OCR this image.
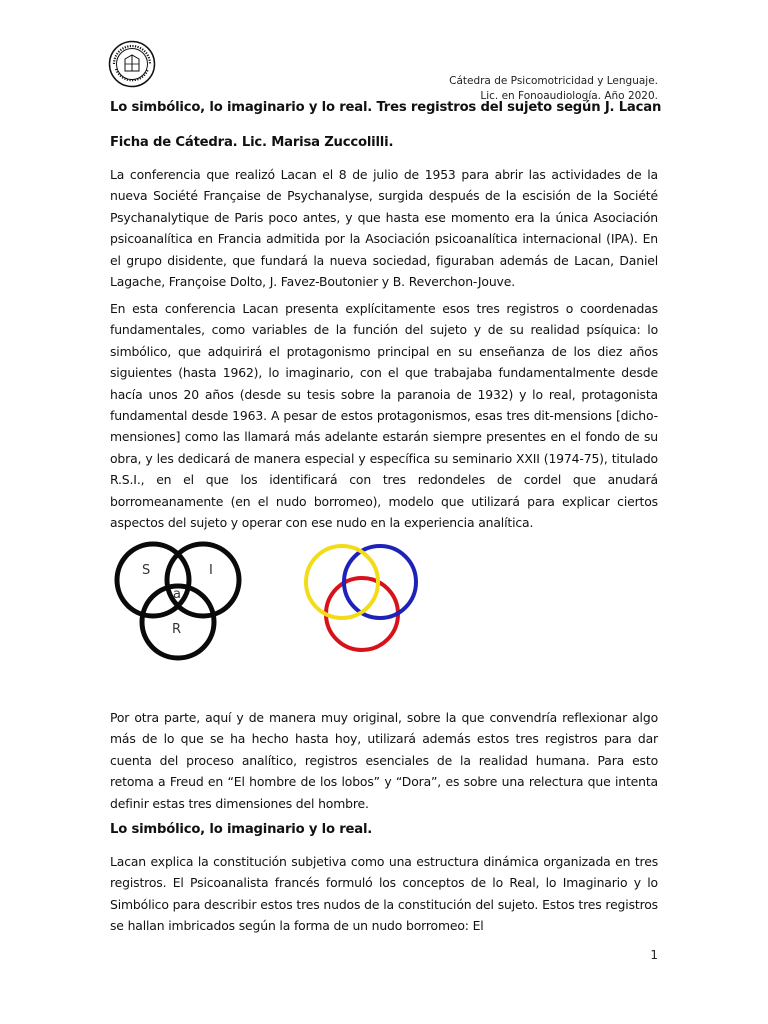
Cátedra de Psicomotricidad y Lenguaje.
Lic. en Fonoaudiología. Año 2020.
Lo simbólico, lo imaginario y lo real. Tres registros del sujeto según J. Lacan
Ficha de Cátedra. Lic. Marisa Zuccolilli.
La conferencia que realizó Lacan el 8 de julio de 1953 para abrir las actividades de la nueva Société Française de Psychanalyse, surgida después de la escisión de la Société Psychanalytique de Paris poco antes, y que hasta ese momento era la única Asociación psicoanalítica en Francia admitida por la Asociación psicoanalítica internacional (IPA). En el grupo disidente, que fundará la nueva sociedad, figuraban además de Lacan, Daniel Lagache, Françoise Dolto, J. Favez-Boutonier y B. Reverchon-Jouve.
En esta conferencia Lacan presenta explícitamente esos tres registros o coordenadas fundamentales, como variables de la función del sujeto y de su realidad psíquica: lo simbólico, que adquirirá el protagonismo principal en su enseñanza de los diez años siguientes (hasta 1962), lo imaginario, con el que trabajaba fundamentalmente desde hacía unos 20 años (desde su tesis sobre la paranoia de 1932) y lo real, protagonista fundamental desde 1963. A pesar de estos protagonismos, esas tres dit-mensions [dicho-mensiones] como las llamará más adelante estarán siempre presentes en el fondo de su obra, y les dedicará de manera especial y específica su seminario XXII (1974-75), titulado R.S.I., en el que los identificará con tres redondeles de cordel que anudará borromeanamente (en el nudo borromeo), modelo que utilizará para explicar ciertos aspectos del sujeto y operar con ese nudo en la experiencia analítica.
S	I
R
a
Por otra parte, aquí y de manera muy original, sobre la que convendría reflexionar algo más de lo que se ha hecho hasta hoy, utilizará además estos tres registros para dar cuenta del proceso analítico, registros esenciales de la realidad humana. Para esto retoma a Freud en “El hombre de los lobos” y “Dora”, es sobre una relectura que intenta definir estas tres dimensiones del hombre.
Lo simbólico, lo imaginario y lo real.
Lacan explica la constitución subjetiva como una estructura dinámica organizada en tres registros. El Psicoanalista francés formuló los conceptos de lo Real, lo Imaginario y lo Simbólico para describir estos tres nudos de la constitución del sujeto. Estos tres registros se hallan imbricados según la forma de un nudo borromeo: El
1
